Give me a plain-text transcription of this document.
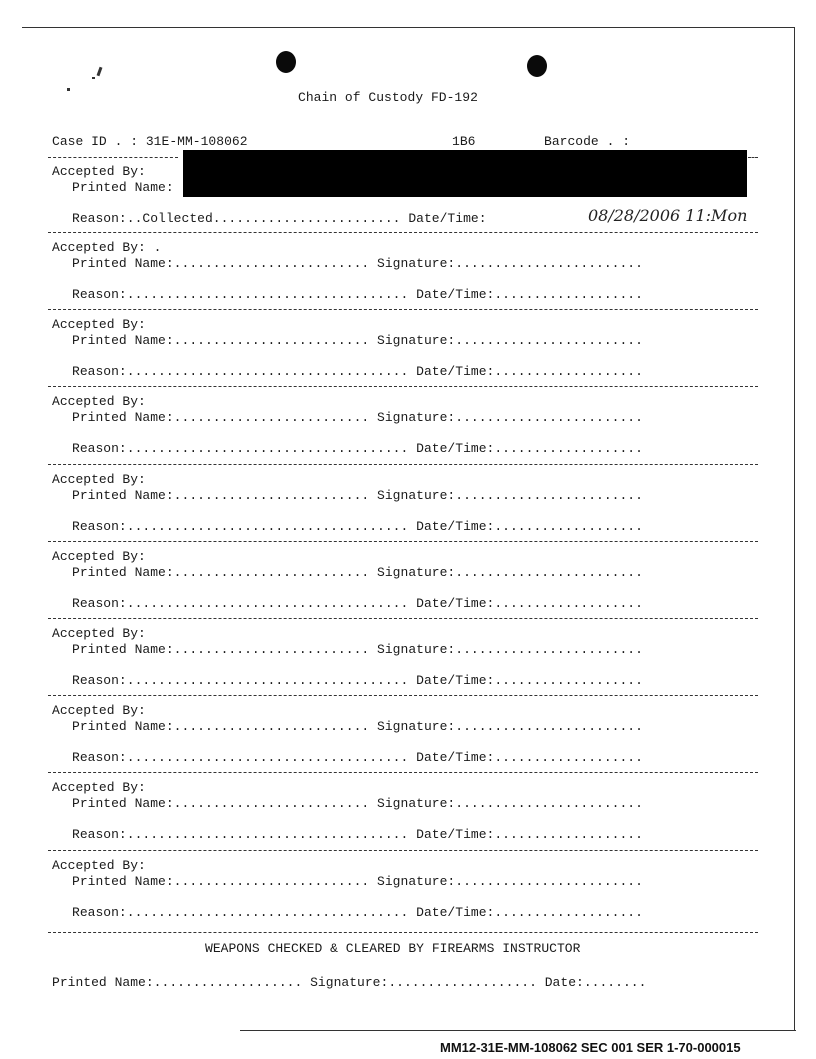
Chain of Custody FD-192
Case ID . : 31E-MM-108062	1B6	Barcode . :
Accepted By:
Printed Name:
Reason:..Collected........................ Date/Time:	08/28/2006 11:Mon
Accepted By: .
Printed Name:......................... Signature:........................
Reason:.................................... Date/Time:...................
Accepted By:
Printed Name:......................... Signature:........................
Reason:.................................... Date/Time:...................
Accepted By:
Printed Name:......................... Signature:........................
Reason:.................................... Date/Time:...................
Accepted By:
Printed Name:......................... Signature:........................
Reason:.................................... Date/Time:...................
Accepted By:
Printed Name:......................... Signature:........................
Reason:.................................... Date/Time:...................
Accepted By:
Printed Name:......................... Signature:........................
Reason:.................................... Date/Time:...................
Accepted By:
Printed Name:......................... Signature:........................
Reason:.................................... Date/Time:...................
Accepted By:
Printed Name:......................... Signature:........................
Reason:.................................... Date/Time:...................
Accepted By:
Printed Name:......................... Signature:........................
Reason:.................................... Date/Time:...................
WEAPONS CHECKED & CLEARED BY FIREARMS INSTRUCTOR
Printed Name:................... Signature:................... Date:........
MM12-31E-MM-108062 SEC 001 SER 1-70-000015
